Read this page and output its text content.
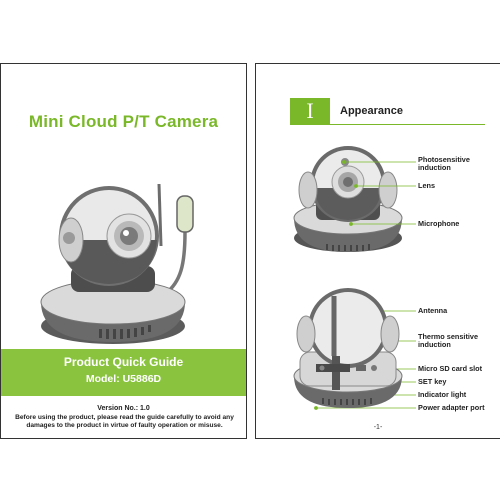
Mini Cloud P/T Camera
Product Quick Guide
Model: U5886D
Version No.: 1.0
Before using the product, please read the guide carefully to avoid any damages to the product in virtue of faulty operation or misuse.
I	Appearance
Photosensitive induction
Lens
Microphone
Antenna
Thermo sensitive induction
Micro SD card slot
SET key
Indicator light
Power adapter port
-1-
